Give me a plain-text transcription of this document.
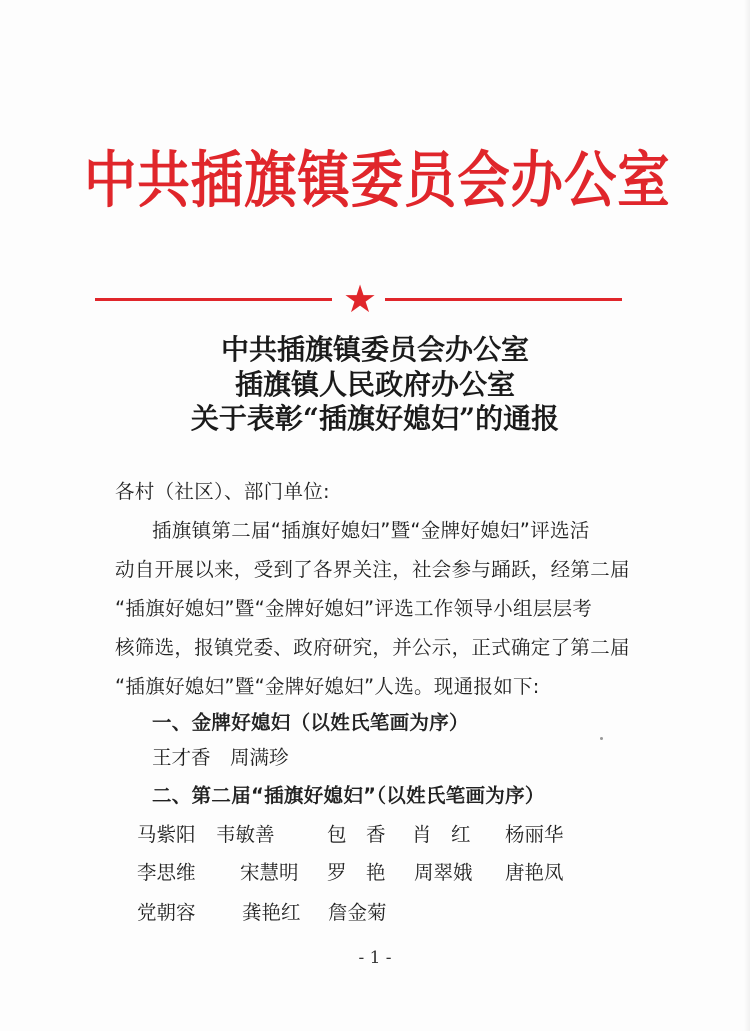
中共插旗镇委员会办公室
★
中共插旗镇委员会办公室
插旗镇人民政府办公室
关于表彰“插旗好媳妇”的通报
各村（社区）、部门单位:
插旗镇第二届“插旗好媳妇”暨“金牌好媳妇”评选活
动自开展以来，受到了各界关注，社会参与踊跃，经第二届
“插旗好媳妇”暨“金牌好媳妇”评选工作领导小组层层考
核筛选，报镇党委、政府研究，并公示，正式确定了第二届
“插旗好媳妇”暨“金牌好媳妇”人选。现通报如下:
一、金牌好媳妇（以姓氏笔画为序）
王才香 周满珍
二、第二届“插旗好媳妇”（以姓氏笔画为序）
马紫阳 韦敏善	包　香 肖　红 杨丽华
李思维 宋慧明 罗　艳 周翠娥 唐艳凤
党朝容 龚艳红 詹金菊
- 1 -
